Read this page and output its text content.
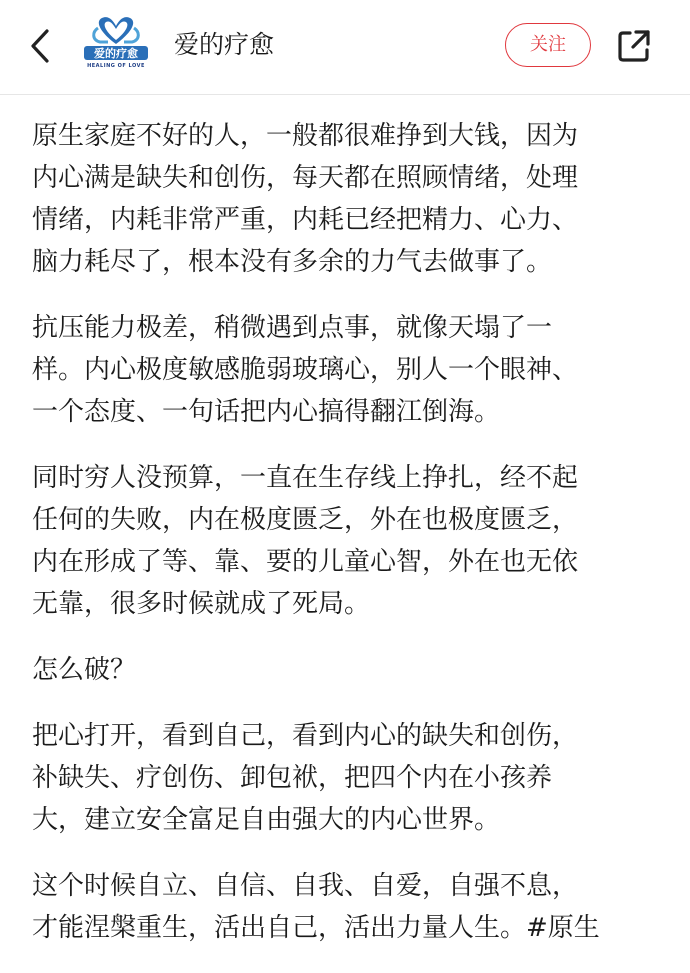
爱的疗愈
HEALING OF LOVE
爱的疗愈	关注

原生家庭不好的人，一般都很难挣到大钱，因为
内心满是缺失和创伤，每天都在照顾情绪，处理
情绪，内耗非常严重，内耗已经把精力、心力、
脑力耗尽了，根本没有多余的力气去做事了。

抗压能力极差，稍微遇到点事，就像天塌了一
样。内心极度敏感脆弱玻璃心，别人一个眼神、
一个态度、一句话把内心搞得翻江倒海。

同时穷人没预算，一直在生存线上挣扎，经不起
任何的失败，内在极度匮乏，外在也极度匮乏，
内在形成了等、靠、要的儿童心智，外在也无依
无靠，很多时候就成了死局。

怎么破？

把心打开，看到自己，看到内心的缺失和创伤，
补缺失、疗创伤、卸包袱，把四个内在小孩养
大，建立安全富足自由强大的内心世界。

这个时候自立、自信、自我、自爱，自强不息，
才能涅槃重生，活出自己，活出力量人生。#原生
